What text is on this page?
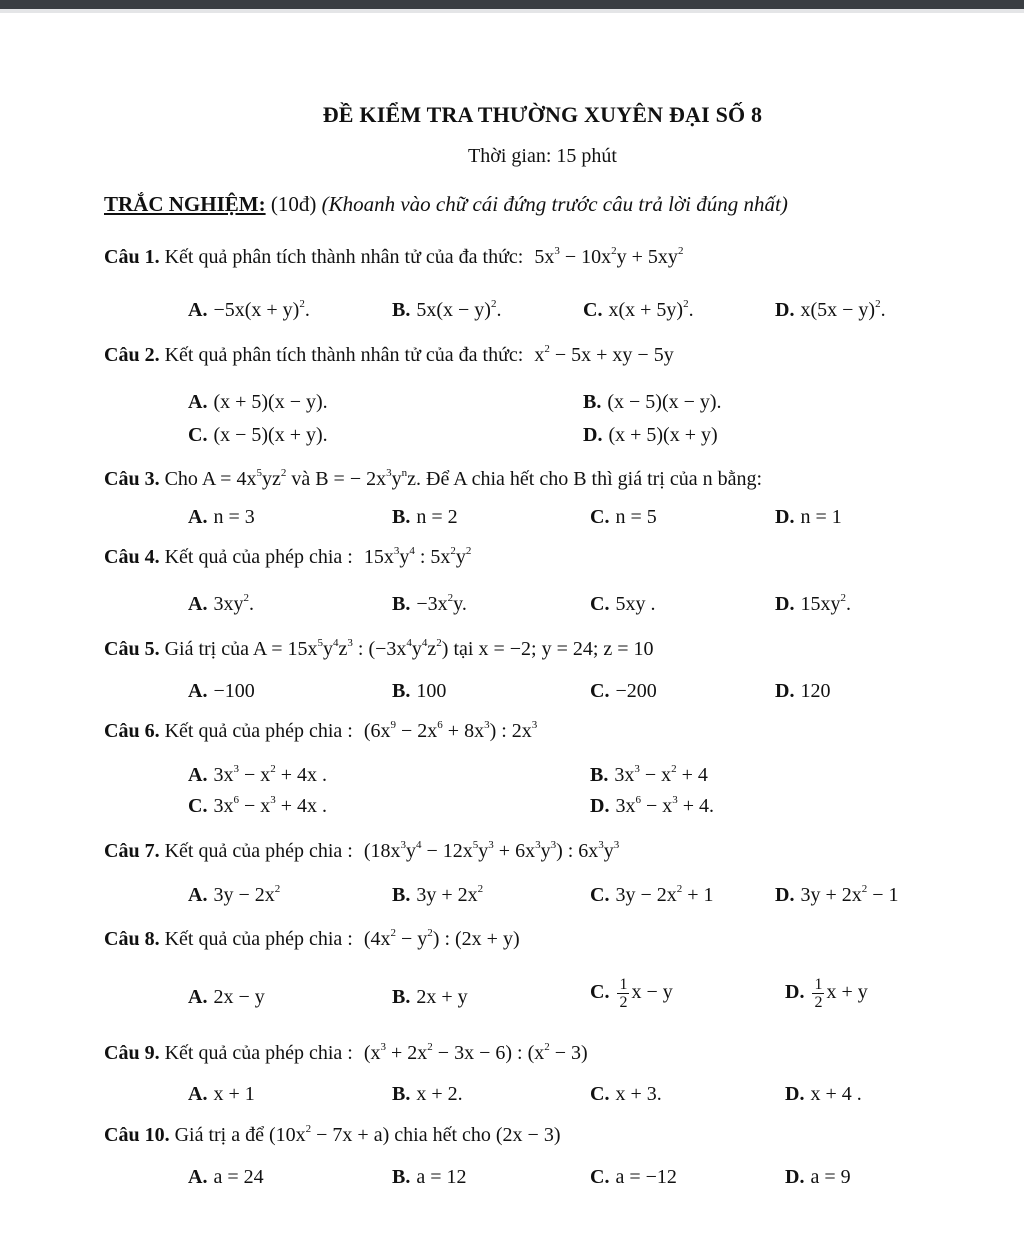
ĐỀ KIỂM TRA THƯỜNG XUYÊN ĐẠI SỐ 8
Thời gian: 15 phút
TRẮC NGHIỆM: (10đ) (Khoanh vào chữ cái đứng trước câu trả lời đúng nhất)
Câu 1. Kết quả phân tích thành nhân tử của đa thức: $5x^3 - 10x^2y + 5xy^2$
A. $-5x(x + y)^2$.	B. $5x(x - y)^2$.	C. $x(x + 5y)^2$.	D. $x(5x - y)^2$.
Câu 2. Kết quả phân tích thành nhân tử của đa thức: $x^2 - 5x$ + xy − 5y
A. (x + 5)(x − y).	B. (x − 5)(x − y).
C. (x − 5)(x + y).	D. (x + 5)(x + y)
Câu 3. Cho $A = 4x^5yz^2$ và B = − $2x^3y^nz$. Để A chia hết cho B thì giá trị của n bằng:
A. n = 3	B. n = 2	C. n = 5	D. n = 1
Câu 4. Kết quả của phép chia : $15x^3y^4$ : $5x^2y^2$
A. $3xy^2$.	B. $-3x^2y$.	C. 5xy .	D. $15xy^2$.
Câu 5. Giá trị của $A = 15x^5y^4z^3$ : $(-3x^4y^4z^2)$ tại x = −2; y = 24; z = 10
A. −100	B. 100	C. −200	D. 120
Câu 6. Kết quả của phép chia : $(6x^9 - 2x^6 + 8x^3)$ : $2x^3$
A. $3x^3 - x^2 + 4x$ .	B. $3x^3 - x^2 + 4$
C. $3x^6 - x^3 + 4x$ .	D. $3x^6 - x^3 + 4$.
Câu 7. Kết quả của phép chia : $(18x^3y^4 - 12x^5y^3 + 6x^3y^3)$ : $6x^3y^3$
A. $3y - 2x^2$	B. $3y + 2x^2$	C. $3y - 2x^2 + 1$	D. $3y + 2x^2 - 1$
Câu 8. Kết quả của phép chia : $(4x^2 - y^2)$ : (2x + y)
A. 2x − y	B. 2x + y	C. $\frac{1}{2}$ x − y	D. $\frac{1}{2}$ x + y
Câu 9. Kết quả của phép chia : $(x^3 + 2x^2 - 3x - 6)$ : $(x^2 - 3)$
A. x + 1	B. x + 2.	C. x + 3.	D. x + 4 .
Câu 10. Giá trị a để $(10x^2 - 7x + a)$ chia hết cho (2x − 3)
A. a = 24	B. a = 12	C. a = −12	D. a = 9
